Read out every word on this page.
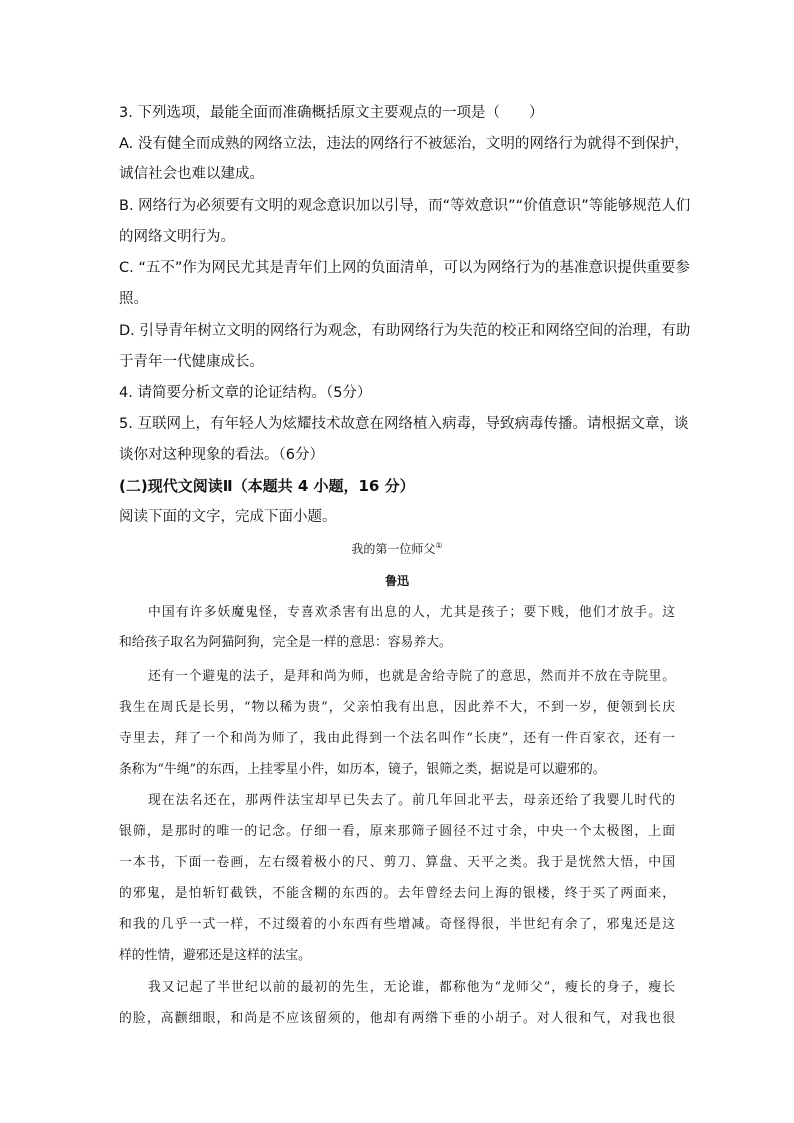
3. 下列选项，最能全面而准确概括原文主要观点的一项是（　　）
A. 没有健全而成熟的网络立法，违法的网络行不被惩治，文明的网络行为就得不到保护，
诚信社会也难以建成。
B. 网络行为必须要有文明的观念意识加以引导，而“等效意识”“价值意识”等能够规范人们
的网络文明行为。
C. “五不”作为网民尤其是青年们上网的负面清单，可以为网络行为的基准意识提供重要参
照。
D. 引导青年树立文明的网络行为观念，有助网络行为失范的校正和网络空间的治理，有助
于青年一代健康成长。
4. 请简要分析文章的论证结构。（5分）
5. 互联网上，有年轻人为炫耀技术故意在网络植入病毒，导致病毒传播。请根据文章，谈
谈你对这种现象的看法。（6分）
(二)现代文阅读Ⅱ（本题共 4 小题，16 分）
阅读下面的文字，完成下面小题。
我的第一位师父①
鲁迅
中国有许多妖魔鬼怪，专喜欢杀害有出息的人，尤其是孩子；要下贱，他们才放手。这
和给孩子取名为阿猫阿狗，完全是一样的意思：容易养大。
还有一个避鬼的法子，是拜和尚为师，也就是舍给寺院了的意思，然而并不放在寺院里。
我生在周氏是长男，“物以稀为贵”，父亲怕我有出息，因此养不大，不到一岁，便领到长庆
寺里去，拜了一个和尚为师了，我由此得到一个法名叫作“长庚”，还有一件百家衣，还有一
条称为“牛绳”的东西，上挂零星小件，如历本，镜子，银筛之类，据说是可以避邪的。
现在法名还在，那两件法宝却早已失去了。前几年回北平去，母亲还给了我婴儿时代的
银筛，是那时的唯一的记念。仔细一看，原来那筛子圆径不过寸余，中央一个太极图，上面
一本书，下面一卷画，左右缀着极小的尺、剪刀、算盘、天平之类。我于是恍然大悟，中国
的邪鬼，是怕斩钉截铁，不能含糊的东西的。去年曾经去问上海的银楼，终于买了两面来，
和我的几乎一式一样，不过缀着的小东西有些增减。奇怪得很，半世纪有余了，邪鬼还是这
样的性情，避邪还是这样的法宝。
我又记起了半世纪以前的最初的先生，无论谁，都称他为“龙师父”，瘦长的身子，瘦长
的脸，高颧细眼，和尚是不应该留须的，他却有两绺下垂的小胡子。对人很和气，对我也很
